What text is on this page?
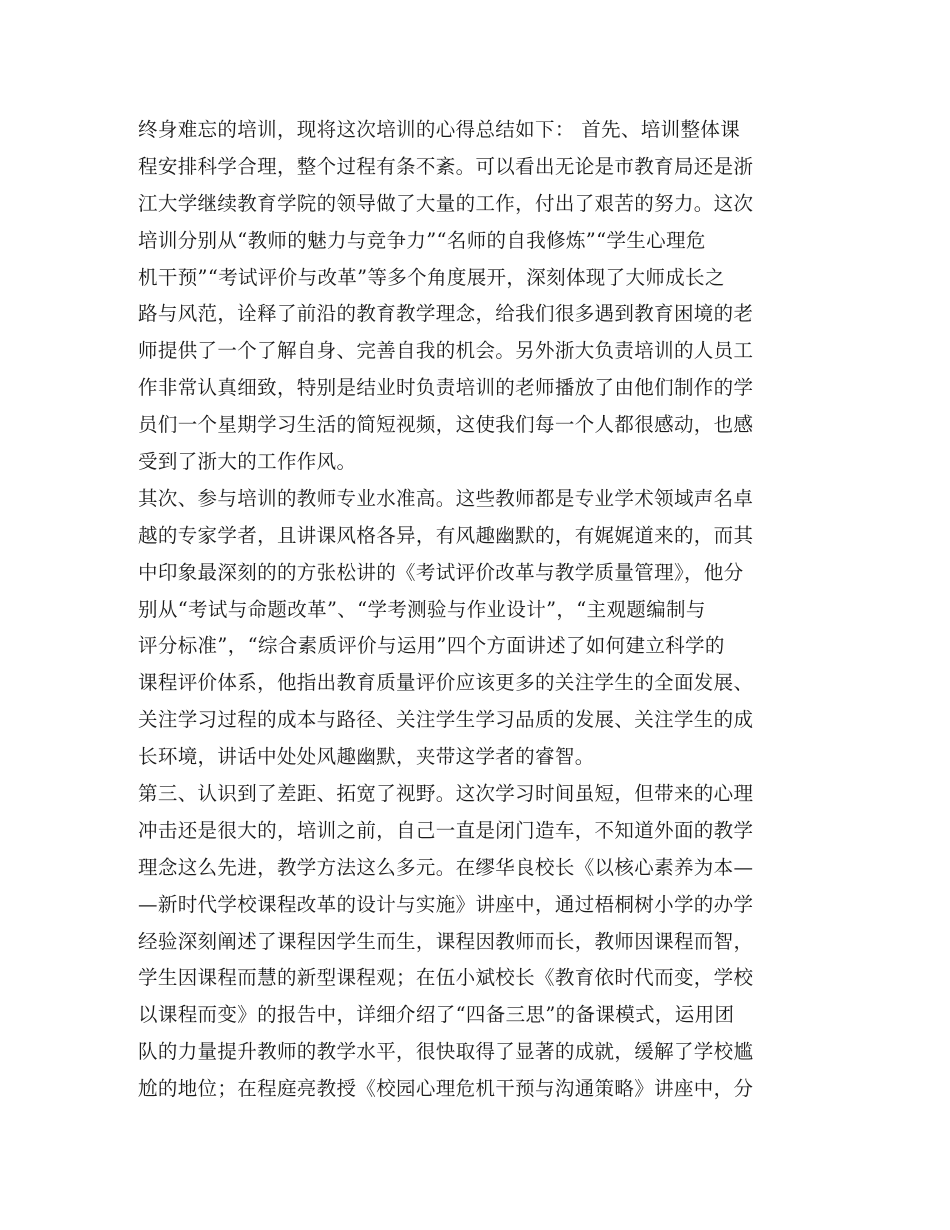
终身难忘的培训，现将这次培训的心得总结如下： 首先、培训整体课
程安排科学合理，整个过程有条不紊。可以看出无论是市教育局还是浙
江大学继续教育学院的领导做了大量的工作，付出了艰苦的努力。这次
培训分别从“教师的魅力与竞争力”“名师的自我修炼”“学生心理危
机干预”“考试评价与改革”等多个角度展开，深刻体现了大师成长之
路与风范，诠释了前沿的教育教学理念，给我们很多遇到教育困境的老
师提供了一个了解自身、完善自我的机会。另外浙大负责培训的人员工
作非常认真细致，特别是结业时负责培训的老师播放了由他们制作的学
员们一个星期学习生活的简短视频，这使我们每一个人都很感动，也感
受到了浙大的工作作风。
其次、参与培训的教师专业水准高。这些教师都是专业学术领域声名卓
越的专家学者，且讲课风格各异，有风趣幽默的，有娓娓道来的，而其
中印象最深刻的的方张松讲的《考试评价改革与教学质量管理》，他分
别从“考试与命题改革”、“学考测验与作业设计”，“主观题编制与
评分标准”，“综合素质评价与运用”四个方面讲述了如何建立科学的
课程评价体系，他指出教育质量评价应该更多的关注学生的全面发展、
关注学习过程的成本与路径、关注学生学习品质的发展、关注学生的成
长环境，讲话中处处风趣幽默，夹带这学者的睿智。
第三、认识到了差距、拓宽了视野。这次学习时间虽短，但带来的心理
冲击还是很大的，培训之前，自己一直是闭门造车，不知道外面的教学
理念这么先进，教学方法这么多元。在缪华良校长《以核心素养为本—
—新时代学校课程改革的设计与实施》讲座中，通过梧桐树小学的办学
经验深刻阐述了课程因学生而生，课程因教师而长，教师因课程而智，
学生因课程而慧的新型课程观；在伍小斌校长《教育依时代而变，学校
以课程而变》的报告中，详细介绍了“四备三思”的备课模式，运用团
队的力量提升教师的教学水平，很快取得了显著的成就，缓解了学校尴
尬的地位；在程庭亮教授《校园心理危机干预与沟通策略》讲座中，分
